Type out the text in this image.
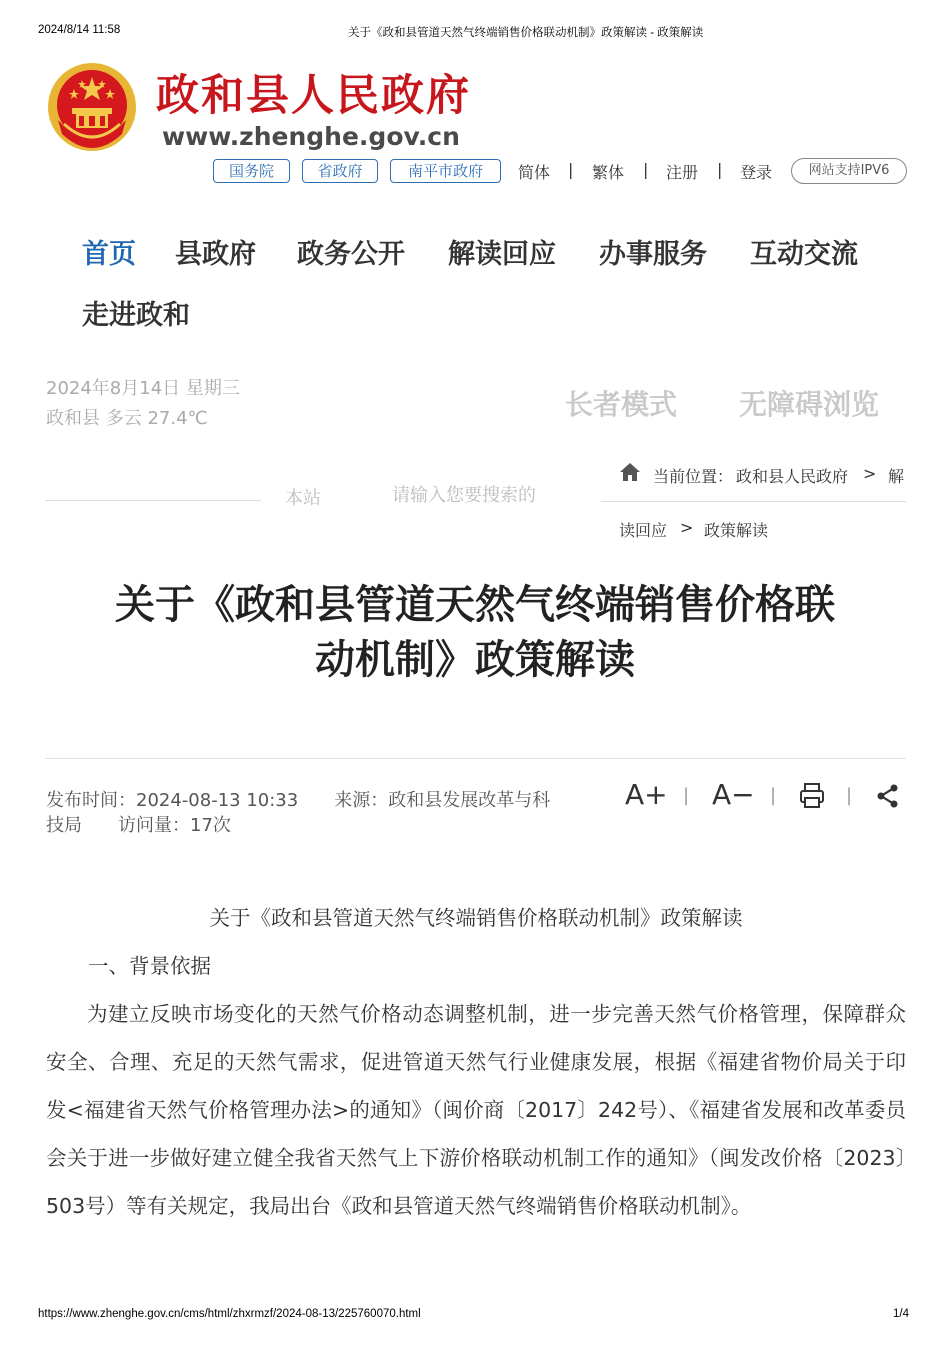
2024/8/14 11:58	关于《政和县管道天然气终端销售价格联动机制》政策解读 - 政策解读
政和县人民政府
www.zhenghe.gov.cn
国务院	省政府	南平市政府	简体 | 繁体 | 注册 | 登录	网站支持IPV6
首页 县政府 政务公开 解读回应 办事服务 互动交流
走进政和
2024年8月14日 星期三
政和县 多云 27.4℃	长者模式 无障碍浏览
本站
请输入您要搜索的
当前位置： 政和县人民政府 > 解
读回应 > 政策解读
关于《政和县管道天然气终端销售价格联
动机制》政策解读
发布时间：2024-08-13 10:33　　来源：政和县发展改革与科
技局　　访问量：17次
A+ | A− |	|
关于《政和县管道天然气终端销售价格联动机制》政策解读
一、背景依据

为建立反映市场变化的天然气价格动态调整机制，进一步完善天然气价格管理，保障群众安全、合理、充足的天然气需求，促进管道天然气行业健康发展，根据《福建省物价局关于印发<福建省天然气价格管理办法>的通知》（闽价商〔2017〕242号）、《福建省发展和改革委员会关于进一步做好建立健全我省天然气上下游价格联动机制工作的通知》（闽发改价格〔2023〕503号）等有关规定，我局出台《政和县管道天然气终端销售价格联动机制》。

https://www.zhenghe.gov.cn/cms/html/zhxrmzf/2024-08-13/225760070.html	1/4
